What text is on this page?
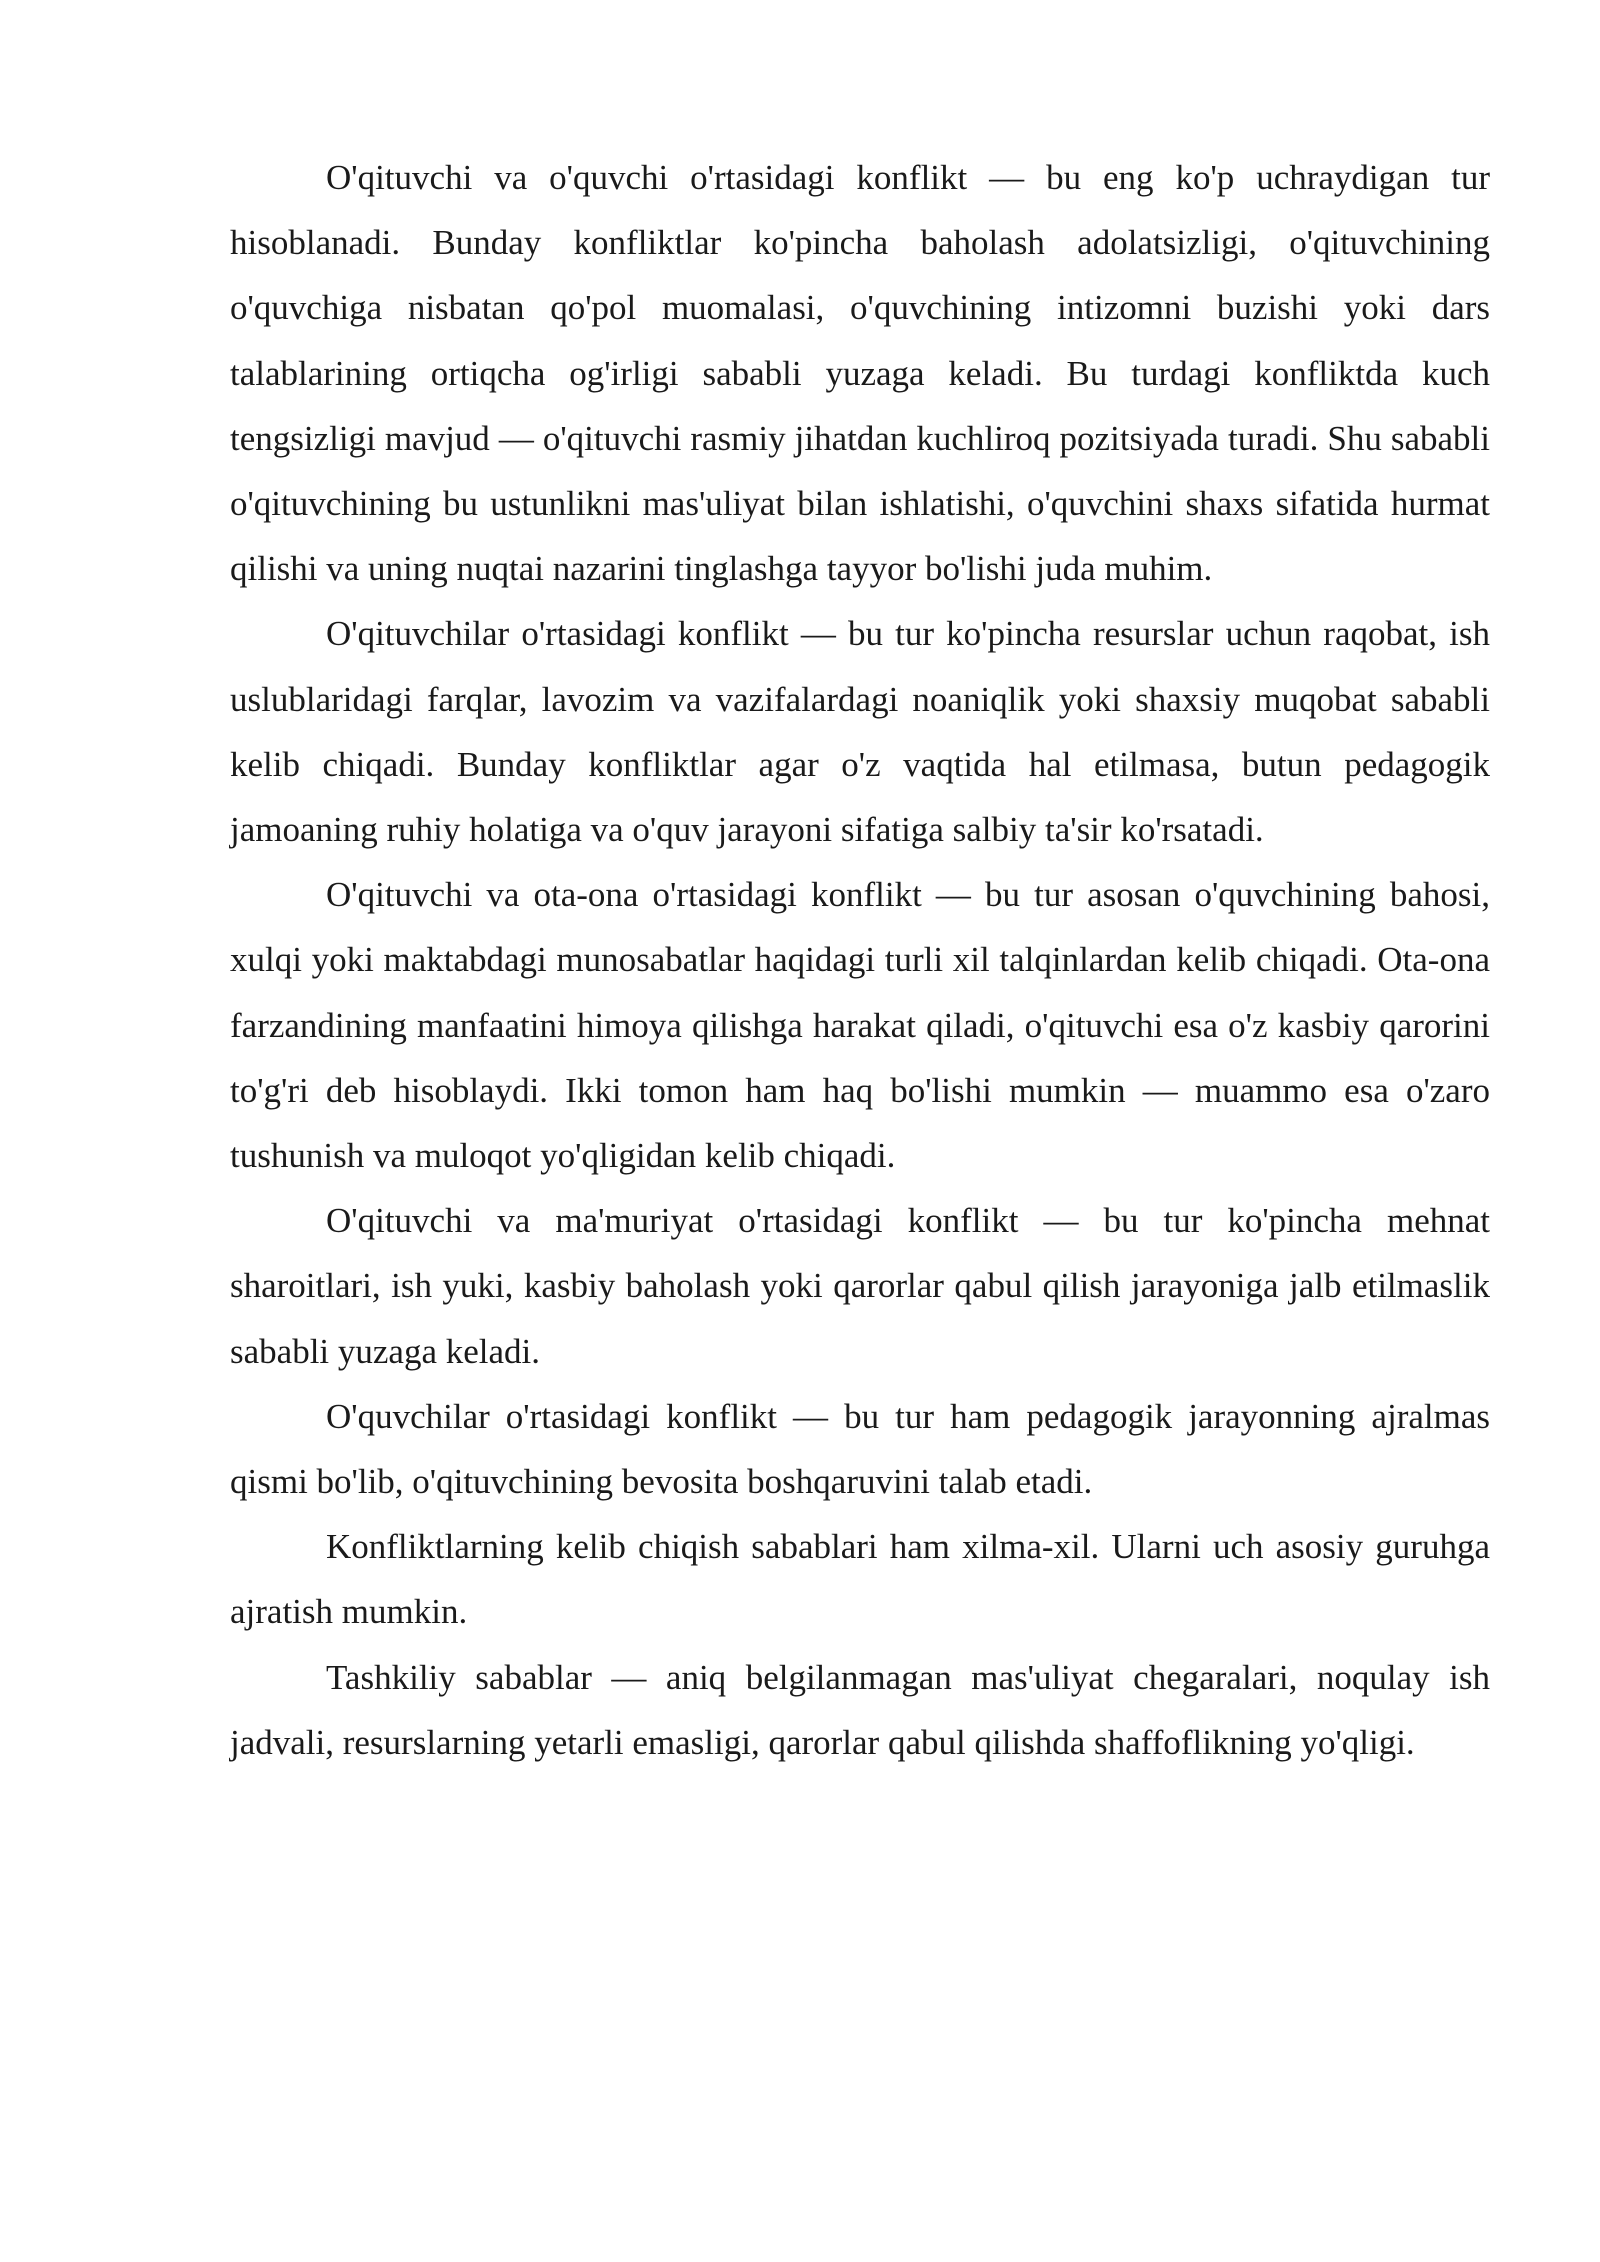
O'qituvchi va o'quvchi o'rtasidagi konflikt — bu eng ko'p uchraydigan tur hisoblanadi. Bunday konfliktlar ko'pincha baholash adolatsizligi, o'qituvchining o'quvchiga nisbatan qo'pol muomalasi, o'quvchining intizomni buzishi yoki dars talablarining ortiqcha og'irligi sababli yuzaga keladi. Bu turdagi konfliktda kuch tengsizligi mavjud — o'qituvchi rasmiy jihatdan kuchliroq pozitsiyada turadi. Shu sababli o'qituvchining bu ustunlikni mas'uliyat bilan ishlatishi, o'quvchini shaxs sifatida hurmat qilishi va uning nuqtai nazarini tinglashga tayyor bo'lishi juda muhim.

O'qituvchilar o'rtasidagi konflikt — bu tur ko'pincha resurslar uchun raqobat, ish uslublaridagi farqlar, lavozim va vazifalardagi noaniqlik yoki shaxsiy muqobat sababli kelib chiqadi. Bunday konfliktlar agar o'z vaqtida hal etilmasa, butun pedagogik jamoaning ruhiy holatiga va o'quv jarayoni sifatiga salbiy ta'sir ko'rsatadi.

O'qituvchi va ota-ona o'rtasidagi konflikt — bu tur asosan o'quvchining bahosi, xulqi yoki maktabdagi munosabatlar haqidagi turli xil talqinlardan kelib chiqadi. Ota-ona farzandining manfaatini himoya qilishga harakat qiladi, o'qituvchi esa o'z kasbiy qarorini to'g'ri deb hisoblaydi. Ikki tomon ham haq bo'lishi mumkin — muammo esa o'zaro tushunish va muloqot yo'qligidan kelib chiqadi.

O'qituvchi va ma'muriyat o'rtasidagi konflikt — bu tur ko'pincha mehnat sharoitlari, ish yuki, kasbiy baholash yoki qarorlar qabul qilish jarayoniga jalb etilmaslik sababli yuzaga keladi.

O'quvchilar o'rtasidagi konflikt — bu tur ham pedagogik jarayonning ajralmas qismi bo'lib, o'qituvchining bevosita boshqaruvini talab etadi.

Konfliktlarning kelib chiqish sabablari ham xilma-xil. Ularni uch asosiy guruhga ajratish mumkin.

Tashkiliy sabablar — aniq belgilanmagan mas'uliyat chegaralari, noqulay ish jadvali, resurslarning yetarli emasligi, qarorlar qabul qilishda shaffoflikning yo'qligi.
